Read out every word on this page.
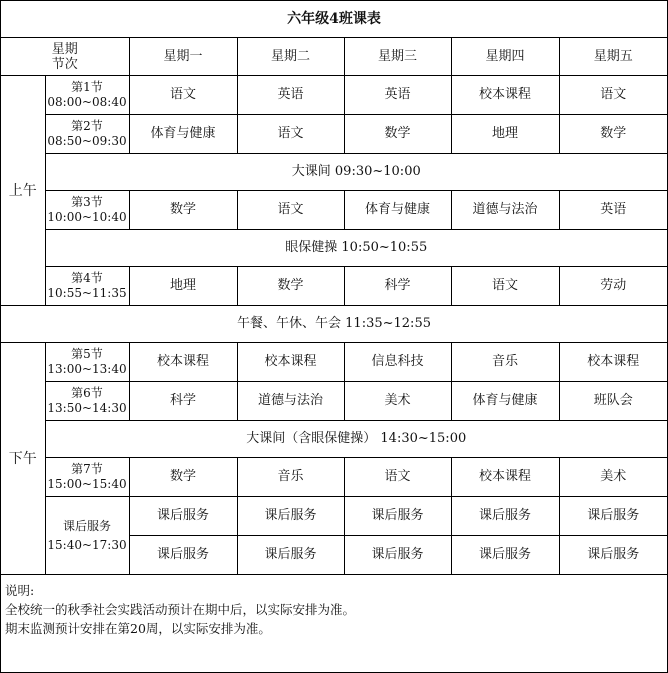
六年级4班课表						

星期
节次		星期一	星期二	星期三	星期四	星期五
上午	第1节
08:00~08:40	语文	英语	英语	校本课程	语文

	第2节
08:50~09:30	体育与健康	语文	数学	地理	数学
	大课间 09:30~10:00					

	第3节
10:00~10:40	数学	语文	体育与健康	道德与法治	英语
	眼保健操 10:50~10:55					

	第4节
10:55~11:35	地理	数学	科学	语文	劳动

午餐、午休、午会 11:35~12:55						
下午	第5节
13:00~13:40	校本课程	校本课程	信息科技	音乐	校本课程

	第6节
13:50~14:30	科学	道德与法治	美术	体育与健康	班队会
	大课间（含眼保健操） 14:30~15:00					

	第7节
15:00~15:40	数学	音乐	语文	校本课程	美术

	课后服务
15:40~17:30	课后服务	课后服务	课后服务	课后服务	课后服务
		课后服务	课后服务	课后服务	课后服务	课后服务
说明:
全校统一的秋季社会实践活动预计在期中后，以实际安排为准。
期末监测预计安排在第20周，以实际安排为准。
